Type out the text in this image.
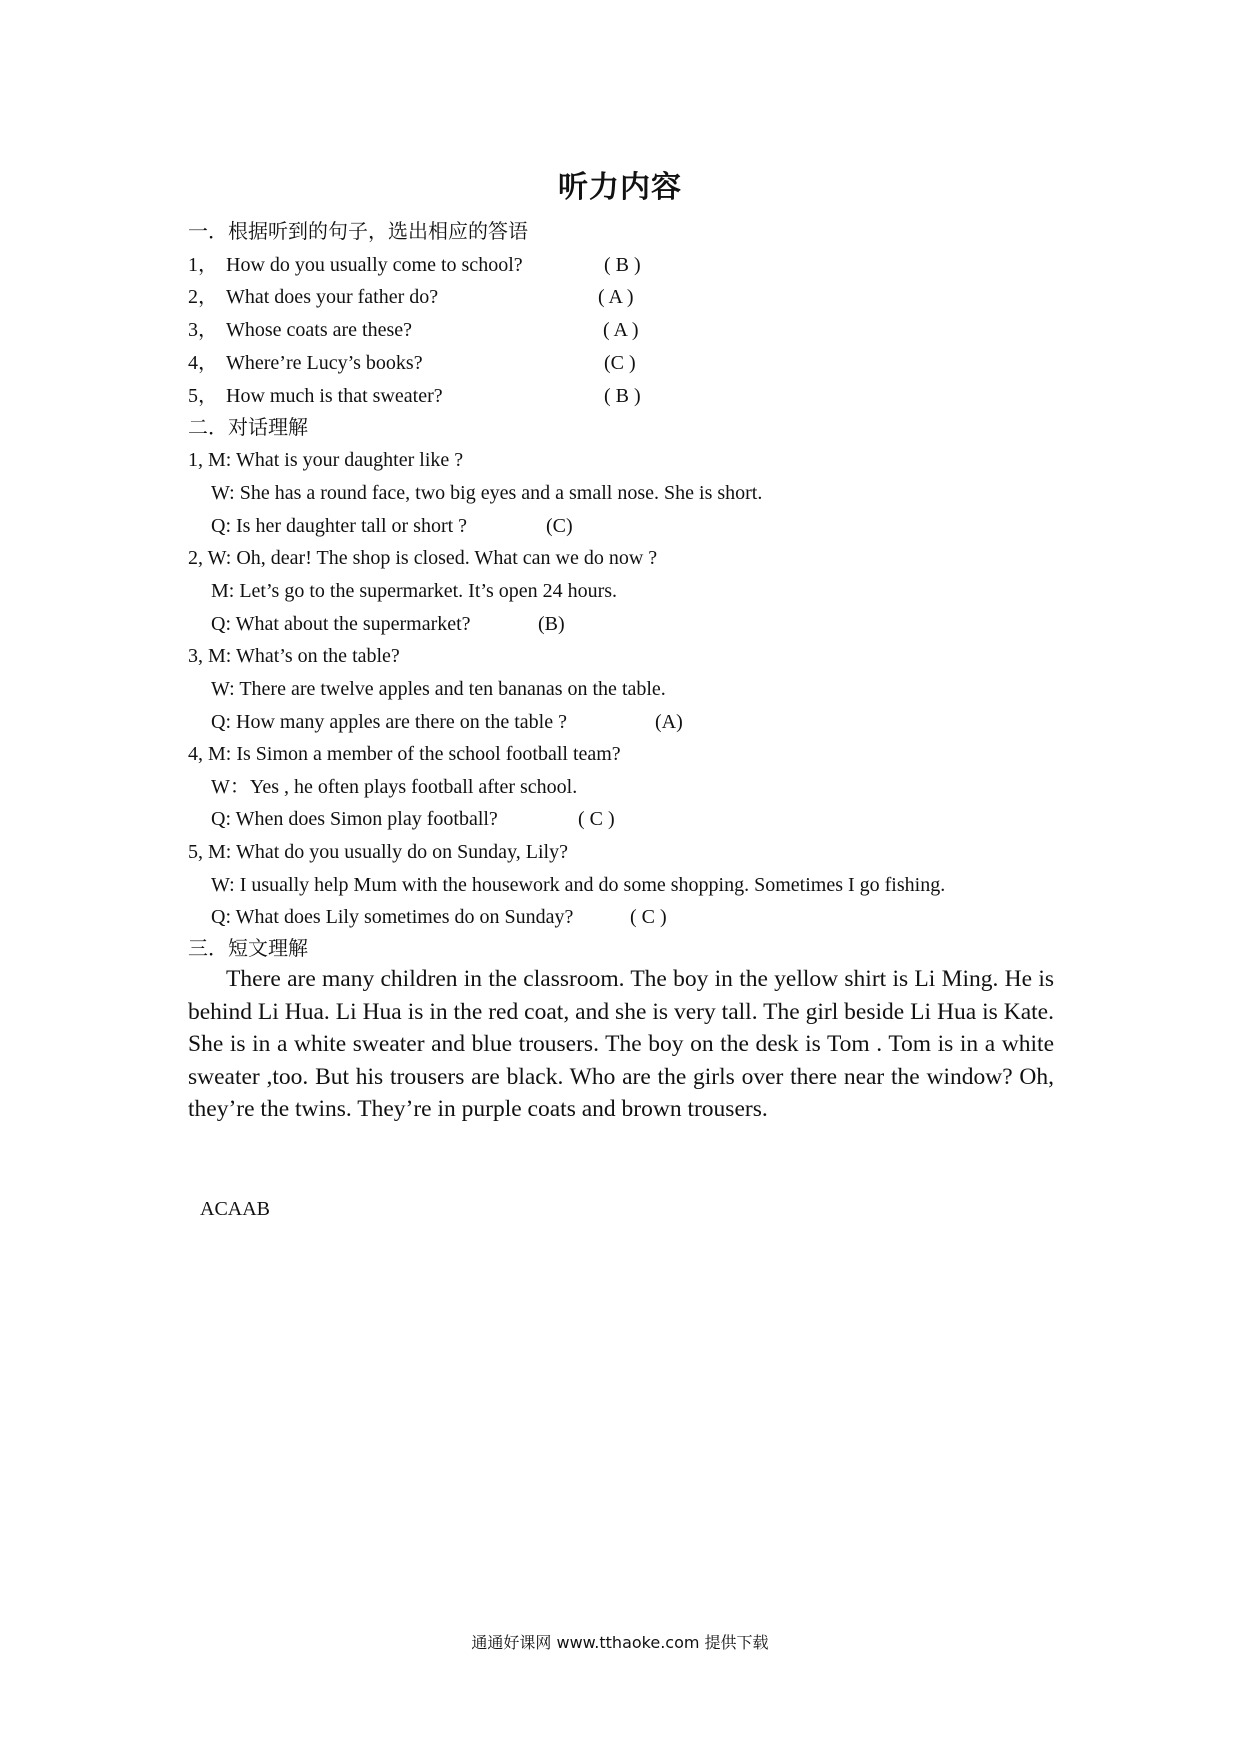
听力内容
一．根据听到的句子，选出相应的答语
1， How do you usually come to school?	( B )
2， What does your father do?	( A )
3， Whose coats are these?	( A )
4， Where’re Lucy’s books?	(C )
5， How much is that sweater?	( B )
二．对话理解
1, M: What is your daughter like ?
W: She has a round face, two big eyes and a small nose. She is short.
Q: Is her daughter tall or short ?	(C)
2, W: Oh, dear! The shop is closed. What can we do now ?
M: Let’s go to the supermarket. It’s open 24 hours.
Q: What about the supermarket?	(B)
3, M: What’s on the table?
W: There are twelve apples and ten bananas on the table.
Q: How many apples are there on the table ?	(A)
4, M: Is Simon a member of the school football team?
W：Yes , he often plays football after school.
Q: When does Simon play football?	( C )
5, M: What do you usually do on Sunday, Lily?
W: I usually help Mum with the housework and do some shopping. Sometimes I go fishing.
Q: What does Lily sometimes do on Sunday?	( C )
三．短文理解
There are many children in the classroom. The boy in the yellow shirt is Li Ming. He is behind Li Hua. Li Hua is in the red coat, and she is very tall. The girl beside Li Hua is Kate. She is in a white sweater and blue trousers. The boy on the desk is Tom . Tom is in a white sweater ,too. But his trousers are black. Who are the girls over there near the window? Oh, they’re the twins. They’re in purple coats and brown trousers.
ACAAB
通通好课网 www.tthaoke.com 提供下载
